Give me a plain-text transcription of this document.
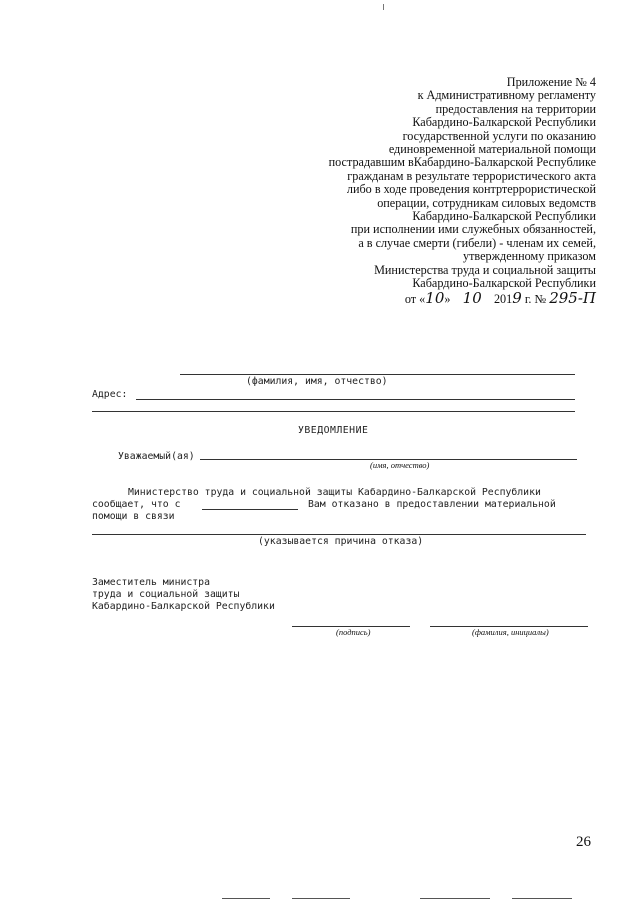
Приложение № 4
к Административному регламенту
предоставления на территории
Кабардино-Балкарской Республики
государственной услуги по оказанию
единовременной материальной помощи
пострадавшим вКабардино-Балкарской Республике
гражданам в результате террористического акта
либо в ходе проведения контртеррористической
операции, сотрудникам силовых ведомств
Кабардино-Балкарской Республики
при исполнении ими служебных обязанностей,
а в случае смерти (гибели) - членам их семей,
утвержденному приказом
Министерства труда и социальной защиты
Кабардино-Балкарской Республики
от «10» 10 2019 г. № 295-П
(фамилия, имя, отчество)
Адрес:
УВЕДОМЛЕНИЕ
Уважаемый(ая)
(имя, отчество)
Министерство труда и социальной защиты Кабардино-Балкарской Республики
сообщает, что с	Вам отказано в предоставлении материальной
помощи в связи
(указывается причина отказа)
Заместитель министра
труда и социальной защиты
Кабардино-Балкарской Республики
(подпись)	(фамилия, инициалы)
26
